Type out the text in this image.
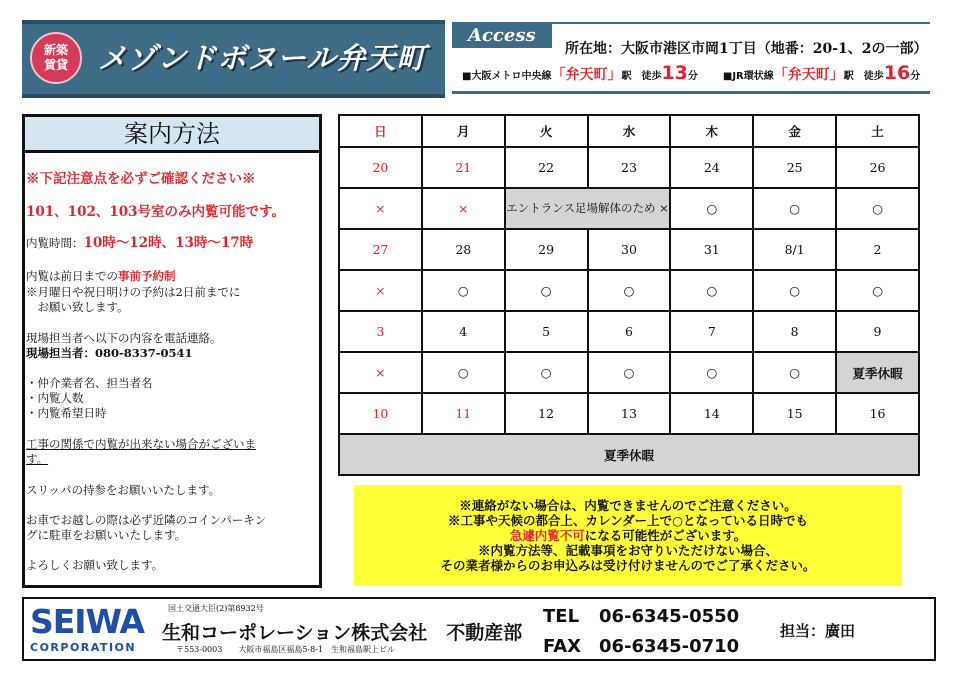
新築
賃貸	メゾンドボヌール弁天町
Access
所在地：大阪市港区市岡1丁目（地番：20-1、2の一部）
■大阪メトロ中央線「弁天町」駅　徒歩13分 ■JR環状線「弁天町」駅　徒歩16分
案内方法
※下記注意点を必ずご確認ください※
101、102、103号室のみ内覧可能です。
内覧時間：10時～12時、13時～17時
内覧は前日までの事前予約制
※月曜日や祝日明けの予約は2日前までに
　お願い致します。
現場担当者へ以下の内容を電話連絡。
現場担当者：080-8337-0541
・仲介業者名、担当者名
・内覧人数
・内覧希望日時
工事の関係で内覧が出来ない場合がございま
す。
スリッパの持参をお願いいたします。
お車でお越しの際は必ず近隣のコインパーキン
グに駐車をお願いいたします。
よろしくお願い致します。
日	月	火	水	木	金	土
20	21	22	23	24	25	26
×	×	エントランス足場解体のため ×		○	○	○
27	28	29	30	31	8/1	2
×	○	○	○	○	○	○
3	4	5	6	7	8	9
×	○	○	○	○	○	夏季休暇
10	11	12	13	14	15	16
夏季休暇						
※連絡がない場合は、内覧できませんのでご注意ください。
※工事や天候の都合上、カレンダー上で○となっている日時でも
急遽内覧不可になる可能性がございます。
※内覧方法等、記載事項をお守りいただけない場合、
その業者様からのお申込みは受け付けませんのでご了承ください。
SEIWA
CORPORATION
国土交通大臣(2)第8932号
生和コーポレーション株式会社　不動産部
〒553-0003　　大阪市福島区福島5-8-1　生和福島駅上ビル
TEL 06-6345-0550
FAX 06-6345-0710
担当：廣田
